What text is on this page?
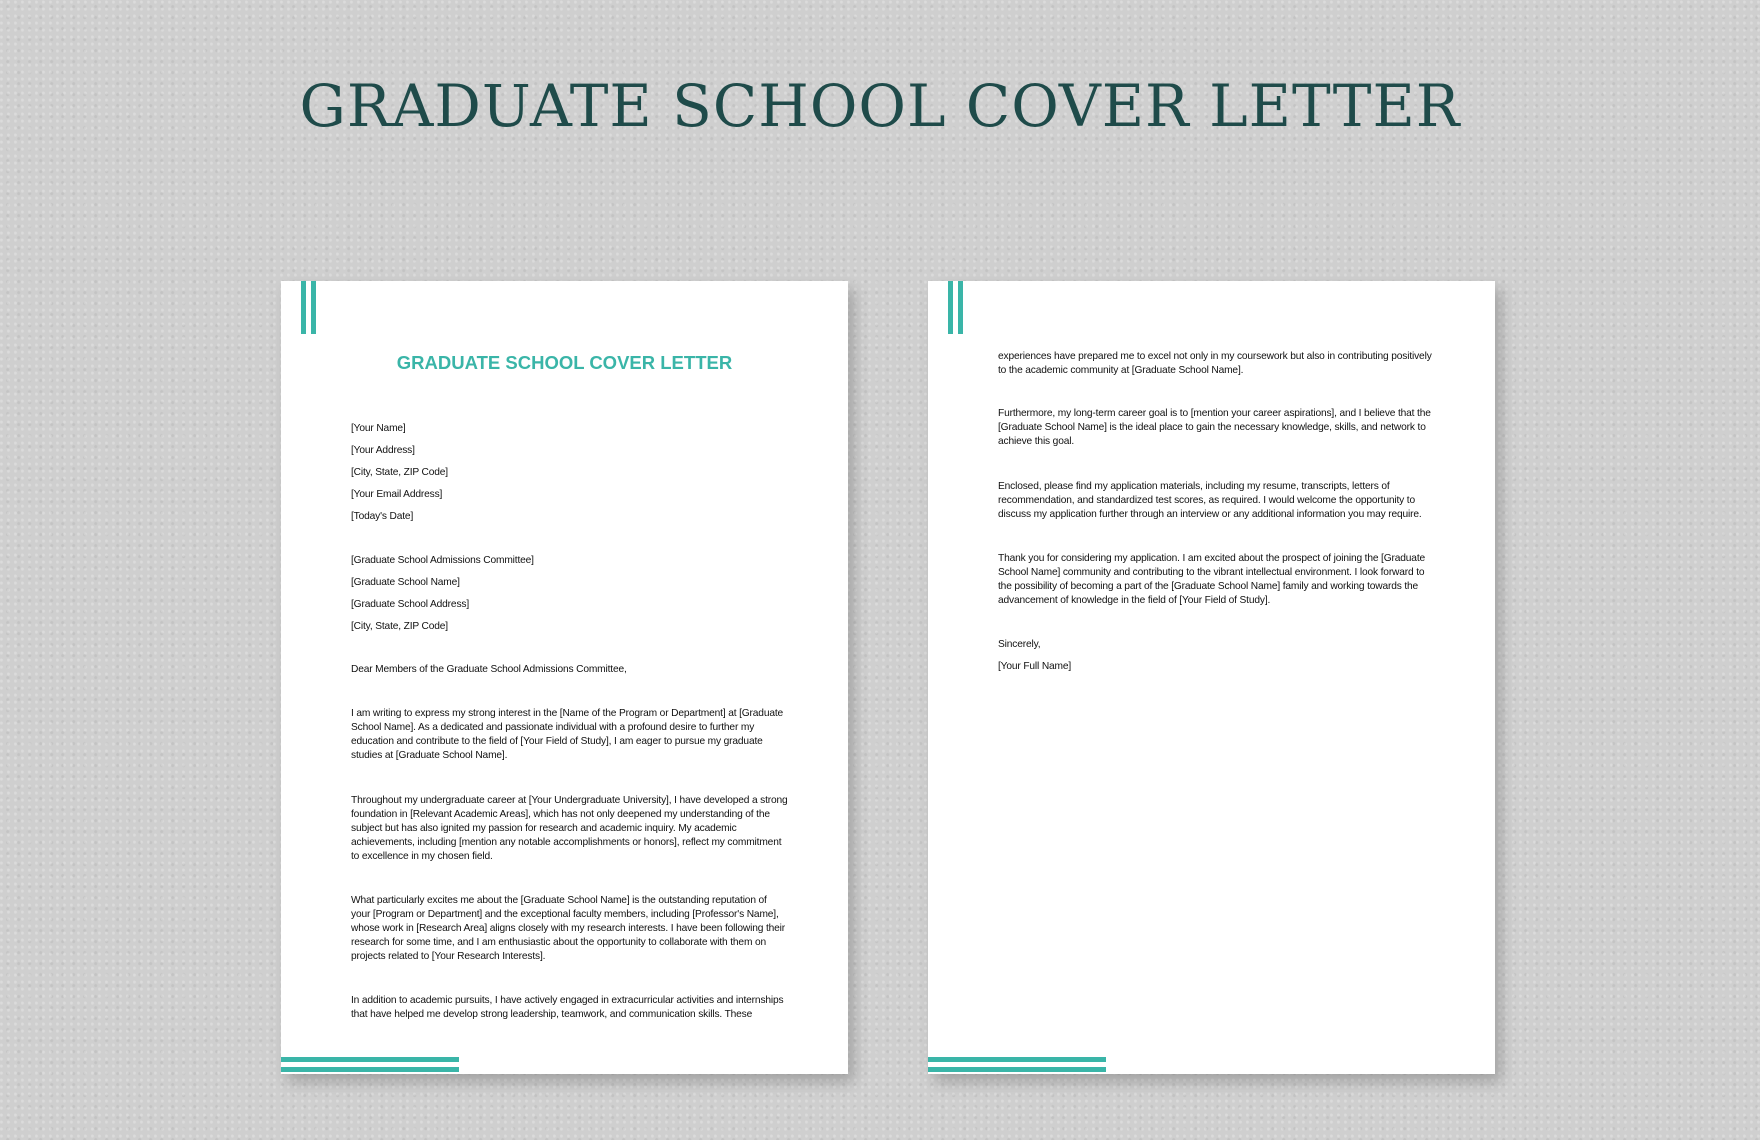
GRADUATE SCHOOL COVER LETTER
GRADUATE SCHOOL COVER LETTER
[Your Name]
[Your Address]
[City, State, ZIP Code]
[Your Email Address]
[Today's Date]
[Graduate School Admissions Committee]
[Graduate School Name]
[Graduate School Address]
[City, State, ZIP Code]
Dear Members of the Graduate School Admissions Committee,
I am writing to express my strong interest in the [Name of the Program or Department] at [Graduate
School Name]. As a dedicated and passionate individual with a profound desire to further my
education and contribute to the field of [Your Field of Study], I am eager to pursue my graduate
studies at [Graduate School Name].
Throughout my undergraduate career at [Your Undergraduate University], I have developed a strong
foundation in [Relevant Academic Areas], which has not only deepened my understanding of the
subject but has also ignited my passion for research and academic inquiry. My academic
achievements, including [mention any notable accomplishments or honors], reflect my commitment
to excellence in my chosen field.
What particularly excites me about the [Graduate School Name] is the outstanding reputation of
your [Program or Department] and the exceptional faculty members, including [Professor's Name],
whose work in [Research Area] aligns closely with my research interests. I have been following their
research for some time, and I am enthusiastic about the opportunity to collaborate with them on
projects related to [Your Research Interests].
In addition to academic pursuits, I have actively engaged in extracurricular activities and internships
that have helped me develop strong leadership, teamwork, and communication skills. These
experiences have prepared me to excel not only in my coursework but also in contributing positively
to the academic community at [Graduate School Name].
Furthermore, my long-term career goal is to [mention your career aspirations], and I believe that the
[Graduate School Name] is the ideal place to gain the necessary knowledge, skills, and network to
achieve this goal.
Enclosed, please find my application materials, including my resume, transcripts, letters of
recommendation, and standardized test scores, as required. I would welcome the opportunity to
discuss my application further through an interview or any additional information you may require.
Thank you for considering my application. I am excited about the prospect of joining the [Graduate
School Name] community and contributing to the vibrant intellectual environment. I look forward to
the possibility of becoming a part of the [Graduate School Name] family and working towards the
advancement of knowledge in the field of [Your Field of Study].
Sincerely,
[Your Full Name]
